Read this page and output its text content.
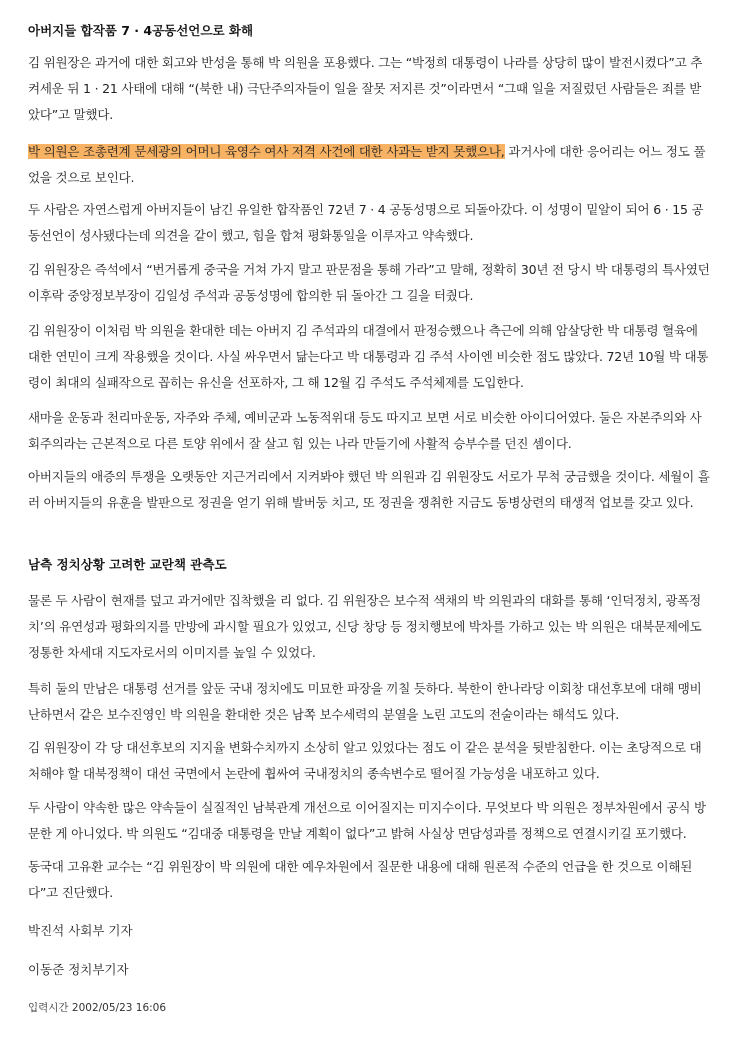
아버지들 합작품 7 · 4공동선언으로 화해

김 위원장은 과거에 대한 회고와 반성을 통해 박 의원을 포용했다. 그는 “박정희 대통령이 나라를 상당히 많이 발전시켰다”고 추켜세운 뒤 1 · 21 사태에 대해 “(북한 내) 극단주의자들이 일을 잘못 저지른 것”이라면서 “그때 일을 저질렀던 사람들은 죄를 받았다”고 말했다.

박 의원은 조총련계 문세광의 어머니 육영수 여사 저격 사건에 대한 사과는 받지 못했으나, 과거사에 대한 응어리는 어느 정도 풀었을 것으로 보인다.

두 사람은 자연스럽게 아버지들이 남긴 유일한 합작품인 72년 7 · 4 공동성명으로 되돌아갔다. 이 성명이 밑알이 되어 6 · 15 공동선언이 성사됐다는데 의견을 같이 했고, 힘을 합쳐 평화통일을 이루자고 약속했다.

김 위원장은 즉석에서 “번거롭게 중국을 거쳐 가지 말고 판문점을 통해 가라”고 말해, 정확히 30년 전 당시 박 대통령의 특사였던 이후락 중앙정보부장이 김일성 주석과 공동성명에 합의한 뒤 돌아간 그 길을 터줬다.

김 위원장이 이처럼 박 의원을 환대한 데는 아버지 김 주석과의 대결에서 판정승했으나 측근에 의해 암살당한 박 대통령 혈육에 대한 연민이 크게 작용했을 것이다. 사실 싸우면서 닮는다고 박 대통령과 김 주석 사이엔 비슷한 점도 많았다. 72년 10월 박 대통령이 최대의 실패작으로 꼽히는 유신을 선포하자, 그 해 12월 김 주석도 주석체제를 도입한다.

새마을 운동과 천리마운동, 자주와 주체, 예비군과 노동적위대 등도 따지고 보면 서로 비슷한 아이디어였다. 둘은 자본주의와 사회주의라는 근본적으로 다른 토양 위에서 잘 살고 힘 있는 나라 만들기에 사활적 승부수를 던진 셈이다.

아버지들의 애증의 투쟁을 오랫동안 지근거리에서 지켜봐야 했던 박 의원과 김 위원장도 서로가 무척 궁금했을 것이다. 세월이 흘러 아버지들의 유훈을 발판으로 정권을 얻기 위해 발버둥 치고, 또 정권을 쟁취한 지금도 동병상련의 태생적 업보를 갖고 있다.

남측 정치상황 고려한 교란책 관측도

물론 두 사람이 현재를 덮고 과거에만 집착했을 리 없다. 김 위원장은 보수적 색채의 박 의원과의 대화를 통해 ‘인덕정치, 광폭정치’의 유연성과 평화의지를 만방에 과시할 필요가 있었고, 신당 창당 등 정치행보에 박차를 가하고 있는 박 의원은 대북문제에도 정통한 차세대 지도자로서의 이미지를 높일 수 있었다.

특히 둘의 만남은 대통령 선거를 앞둔 국내 정치에도 미묘한 파장을 끼칠 듯하다. 북한이 한나라당 이회창 대선후보에 대해 맹비난하면서 같은 보수진영인 박 의원을 환대한 것은 남쪽 보수세력의 분열을 노린 고도의 전술이라는 해석도 있다.

김 위원장이 각 당 대선후보의 지지율 변화수치까지 소상히 알고 있었다는 점도 이 같은 분석을 뒷받침한다. 이는 초당적으로 대처해야 할 대북정책이 대선 국면에서 논란에 휩싸여 국내정치의 종속변수로 떨어질 가능성을 내포하고 있다.

두 사람이 약속한 많은 약속들이 실질적인 남북관계 개선으로 이어질지는 미지수이다. 무엇보다 박 의원은 정부차원에서 공식 방문한 게 아니었다. 박 의원도 “김대중 대통령을 만날 계획이 없다”고 밝혀 사실상 면담성과를 정책으로 연결시키길 포기했다.

동국대 고유환 교수는 “김 위원장이 박 의원에 대한 예우차원에서 질문한 내용에 대해 원론적 수준의 언급을 한 것으로 이해된다”고 진단했다.

박진석 사회부 기자

이동준 정치부기자

입력시간 2002/05/23 16:06
